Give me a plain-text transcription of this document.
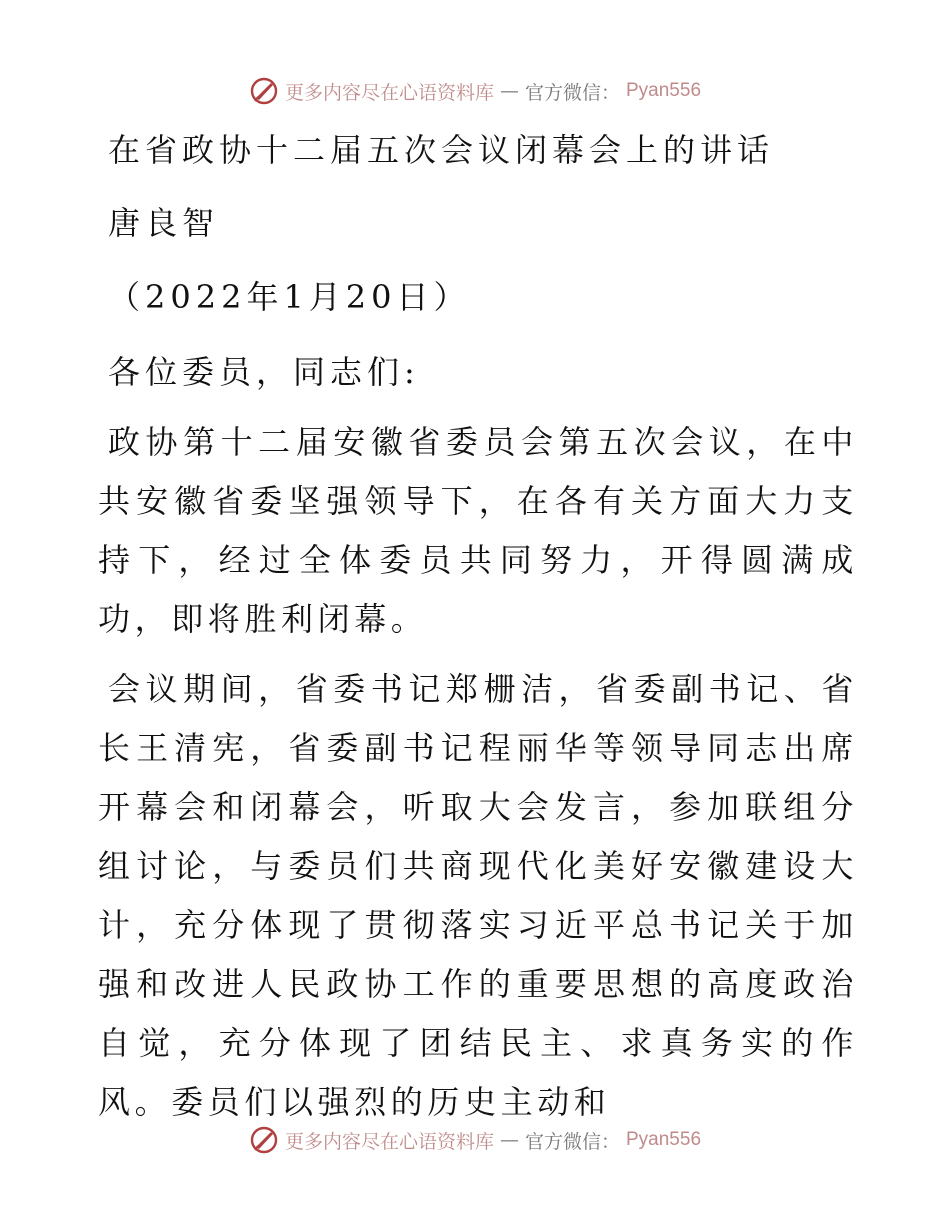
更多内容尽在心语资料库 — 官方微信： Pyan556
在省政协十二届五次会议闭幕会上的讲话
唐良智
（2022年1月20日）
各位委员，同志们:
政协第十二届安徽省委员会第五次会议，在中共安徽省委坚强领导下，在各有关方面大力支持下，经过全体委员共同努力，开得圆满成功，即将胜利闭幕。
会议期间，省委书记郑栅洁，省委副书记、省长王清宪，省委副书记程丽华等领导同志出席开幕会和闭幕会，听取大会发言，参加联组分组讨论，与委员们共商现代化美好安徽建设大计，充分体现了贯彻落实习近平总书记关于加强和改进人民政协工作的重要思想的高度政治自觉，充分体现了团结民主、求真务实的作风。委员们以强烈的历史主动和
更多内容尽在心语资料库 — 官方微信： Pyan556
